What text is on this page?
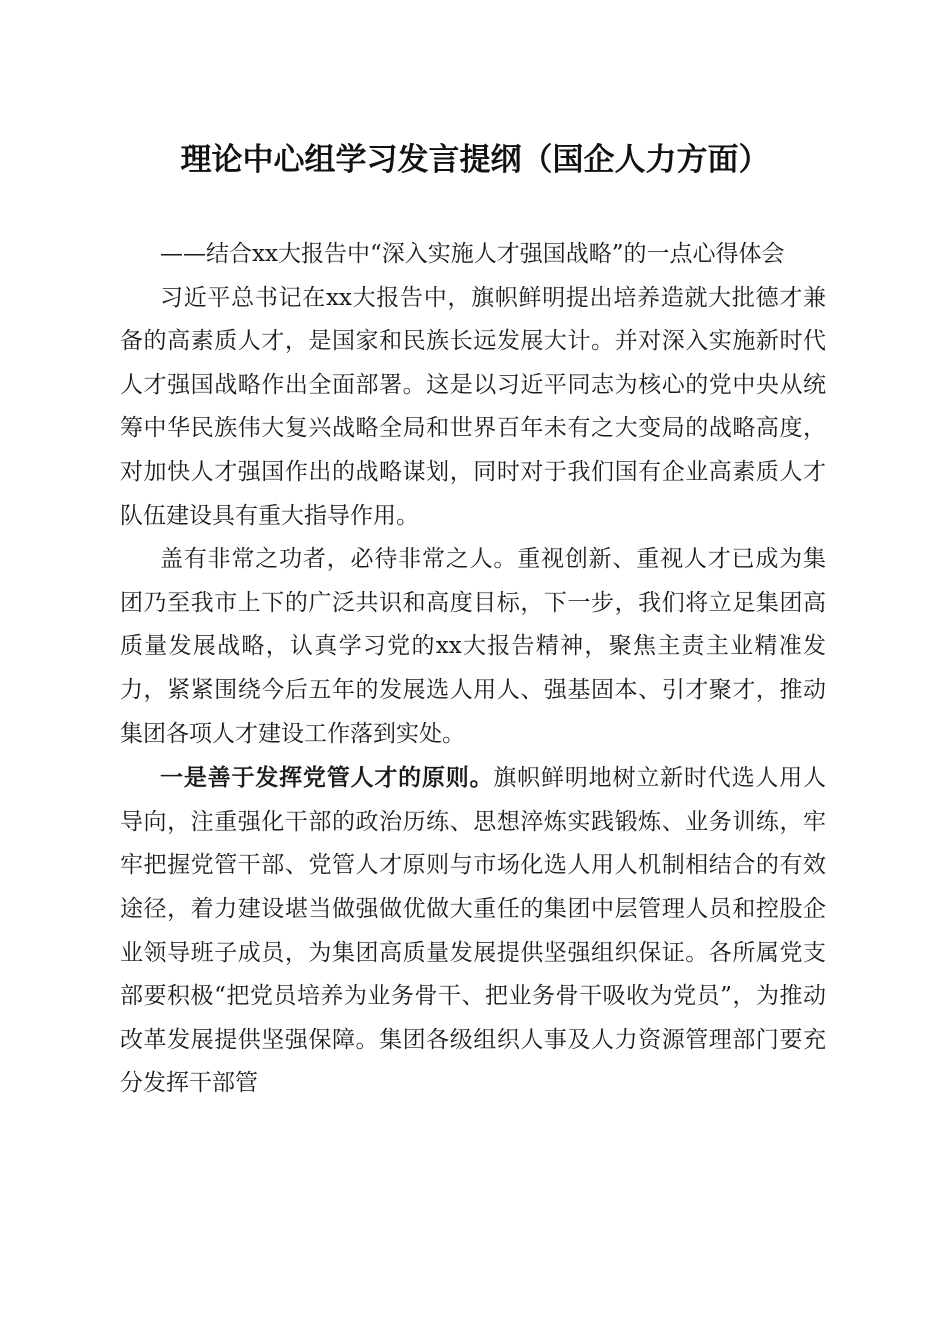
理论中心组学习发言提纲（国企人力方面）

——结合xx大报告中“深入实施人才强国战略”的一点心得体会

习近平总书记在xx大报告中，旗帜鲜明提出培养造就大批德才兼备的高素质人才，是国家和民族长远发展大计。并对深入实施新时代人才强国战略作出全面部署。这是以习近平同志为核心的党中央从统筹中华民族伟大复兴战略全局和世界百年未有之大变局的战略高度，对加快人才强国作出的战略谋划，同时对于我们国有企业高素质人才队伍建设具有重大指导作用。

盖有非常之功者，必待非常之人。重视创新、重视人才已成为集团乃至我市上下的广泛共识和高度目标，下一步，我们将立足集团高质量发展战略，认真学习党的xx大报告精神，聚焦主责主业精准发力，紧紧围绕今后五年的发展选人用人、强基固本、引才聚才，推动集团各项人才建设工作落到实处。

一是善于发挥党管人才的原则。旗帜鲜明地树立新时代选人用人导向，注重强化干部的政治历练、思想淬炼实践锻炼、业务训练，牢牢把握党管干部、党管人才原则与市场化选人用人机制相结合的有效途径，着力建设堪当做强做优做大重任的集团中层管理人员和控股企业领导班子成员，为集团高质量发展提供坚强组织保证。各所属党支部要积极“把党员培养为业务骨干、把业务骨干吸收为党员”，为推动改革发展提供坚强保障。集团各级组织人事及人力资源管理部门要充分发挥干部管
